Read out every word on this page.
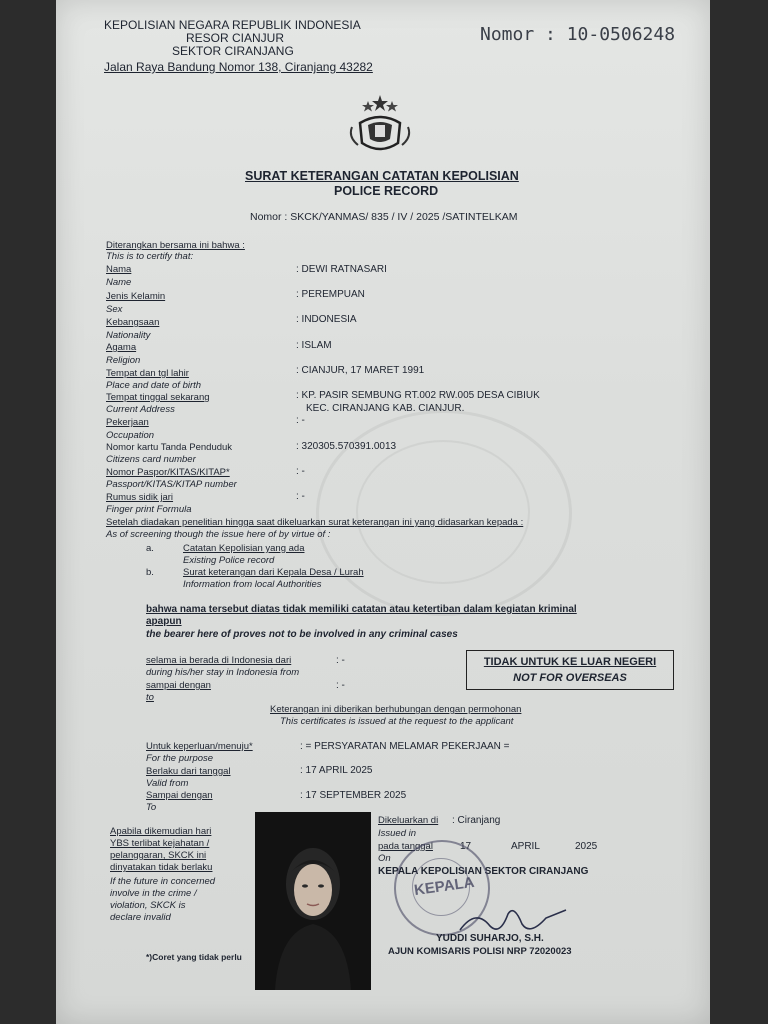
KEPOLISIAN NEGARA REPUBLIK INDONESIA
RESOR CIANJUR
SEKTOR CIRANJANG
Jalan Raya Bandung Nomor 138, Ciranjang 43282
Nomor : 10-0506248
SURAT KETERANGAN CATATAN KEPOLISIAN
POLICE RECORD
Nomor : SKCK/YANMAS/ 835 / IV / 2025 /SATINTELKAM
Diterangkan bersama ini bahwa :
This is to certify that:
Nama
Name
: DEWI RATNASARI
Jenis Kelamin
Sex
: PEREMPUAN
Kebangsaan
Nationality
: INDONESIA
Agama
Religion
: ISLAM
Tempat dan tgl lahir
Place and date of birth
: CIANJUR, 17 MARET 1991
Tempat tinggal sekarang
Current Address
: KP. PASIR SEMBUNG RT.002 RW.005 DESA CIBIUK
KEC. CIRANJANG KAB. CIANJUR.
Pekerjaan
Occupation
: -
Nomor kartu Tanda Penduduk
Citizens card number
: 320305.570391.0013
Nomor Paspor/KITAS/KITAP*
Passport/KITAS/KITAP number
: -
Rumus sidik jari
Finger print Formula
: -
Setelah diadakan penelitian hingga saat dikeluarkan surat keterangan ini yang didasarkan kepada :
As of screening though the issue here of by virtue of :
a.	Catatan Kepolisian yang ada
Existing Police record
b.	Surat keterangan dari Kepala Desa / Lurah
Information from local Authorities
bahwa nama tersebut diatas tidak memiliki catatan atau ketertiban dalam kegiatan kriminal
apapun
the bearer here of proves not to be involved in any criminal cases
selama ia berada di Indonesia dari
during his/her stay in Indonesia from
: -
sampai dengan
to
: -
TIDAK UNTUK KE LUAR NEGERI
NOT FOR OVERSEAS
Keterangan ini diberikan berhubungan dengan permohonan
This certificates is issued at the request to the applicant
Untuk keperluan/menuju*
For the purpose
: = PERSYARATAN MELAMAR PEKERJAAN =
Berlaku dari tanggal
Valid from
: 17 APRIL 2025
Sampai dengan
To
: 17 SEPTEMBER 2025
Apabila dikemudian hari
YBS terlibat kejahatan /
pelanggaran, SKCK ini
dinyatakan tidak berlaku
If the future in concerned
involve in the crime /
violation, SKCK is
declare invalid
*)Coret yang tidak perlu
Dikeluarkan di : Ciranjang
Issued in
pada tanggal
On
17	APRIL	2025
KEPALA KEPOLISIAN SEKTOR CIRANJANG
KEPALA
YUDDI SUHARJO, S.H.
AJUN KOMISARIS POLISI NRP 72020023
